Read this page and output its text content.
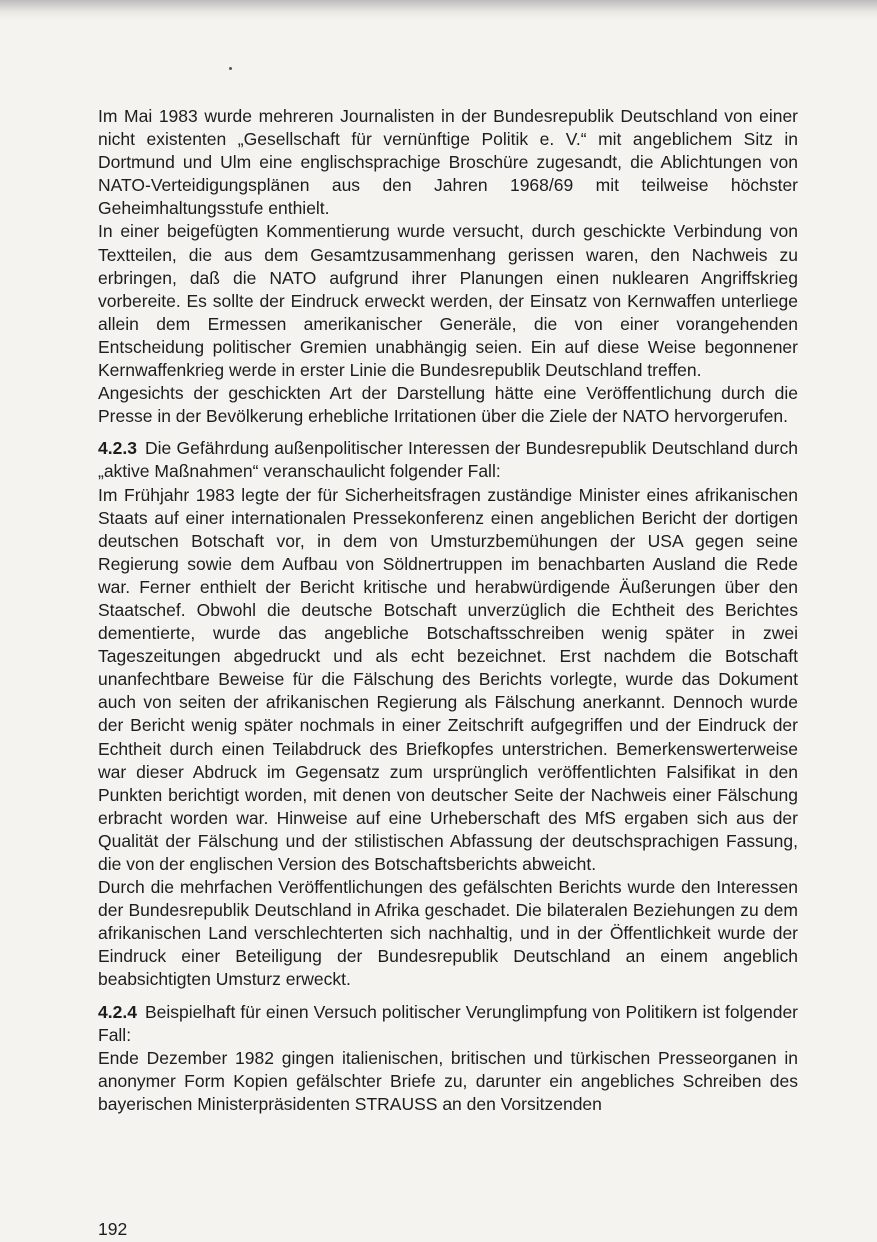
Im Mai 1983 wurde mehreren Journalisten in der Bundesrepublik Deutschland von einer nicht existenten „Gesellschaft für vernünftige Politik e. V.“ mit angeblichem Sitz in Dortmund und Ulm eine englischsprachige Broschüre zugesandt, die Ablichtungen von NATO-Verteidigungsplänen aus den Jahren 1968/69 mit teilweise höchster Geheimhaltungsstufe enthielt.

In einer beigefügten Kommentierung wurde versucht, durch geschickte Verbindung von Textteilen, die aus dem Gesamtzusammenhang gerissen waren, den Nachweis zu erbringen, daß die NATO aufgrund ihrer Planungen einen nuklearen Angriffskrieg vorbereite. Es sollte der Eindruck erweckt werden, der Einsatz von Kernwaffen unterliege allein dem Ermessen amerikanischer Generäle, die von einer vorangehenden Entscheidung politischer Gremien unabhängig seien. Ein auf diese Weise begonnener Kernwaffenkrieg werde in erster Linie die Bundesrepublik Deutschland treffen.

Angesichts der geschickten Art der Darstellung hätte eine Veröffentlichung durch die Presse in der Bevölkerung erhebliche Irritationen über die Ziele der NATO hervorgerufen.

4.2.3 Die Gefährdung außenpolitischer Interessen der Bundesrepublik Deutschland durch „aktive Maßnahmen“ veranschaulicht folgender Fall:

Im Frühjahr 1983 legte der für Sicherheitsfragen zuständige Minister eines afrikanischen Staats auf einer internationalen Pressekonferenz einen angeblichen Bericht der dortigen deutschen Botschaft vor, in dem von Umsturzbemühungen der USA gegen seine Regierung sowie dem Aufbau von Söldnertruppen im benachbarten Ausland die Rede war. Ferner enthielt der Bericht kritische und herabwürdigende Äußerungen über den Staatschef. Obwohl die deutsche Botschaft unverzüglich die Echtheit des Berichtes dementierte, wurde das angebliche Botschaftsschreiben wenig später in zwei Tageszeitungen abgedruckt und als echt bezeichnet. Erst nachdem die Botschaft unanfechtbare Beweise für die Fälschung des Berichts vorlegte, wurde das Dokument auch von seiten der afrikanischen Regierung als Fälschung anerkannt. Dennoch wurde der Bericht wenig später nochmals in einer Zeitschrift aufgegriffen und der Eindruck der Echtheit durch einen Teilabdruck des Briefkopfes unterstrichen. Bemerkenswerterweise war dieser Abdruck im Gegensatz zum ursprünglich veröffentlichten Falsifikat in den Punkten berichtigt worden, mit denen von deutscher Seite der Nachweis einer Fälschung erbracht worden war. Hinweise auf eine Urheberschaft des MfS ergaben sich aus der Qualität der Fälschung und der stilistischen Abfassung der deutschsprachigen Fassung, die von der englischen Version des Botschaftsberichts abweicht.

Durch die mehrfachen Veröffentlichungen des gefälschten Berichts wurde den Interessen der Bundesrepublik Deutschland in Afrika geschadet. Die bilateralen Beziehungen zu dem afrikanischen Land verschlechterten sich nachhaltig, und in der Öffentlichkeit wurde der Eindruck einer Beteiligung der Bundesrepublik Deutschland an einem angeblich beabsichtigten Umsturz erweckt.

4.2.4 Beispielhaft für einen Versuch politischer Verunglimpfung von Politikern ist folgender Fall:

Ende Dezember 1982 gingen italienischen, britischen und türkischen Presseorganen in anonymer Form Kopien gefälschter Briefe zu, darunter ein angebliches Schreiben des bayerischen Ministerpräsidenten STRAUSS an den Vorsitzenden

192
